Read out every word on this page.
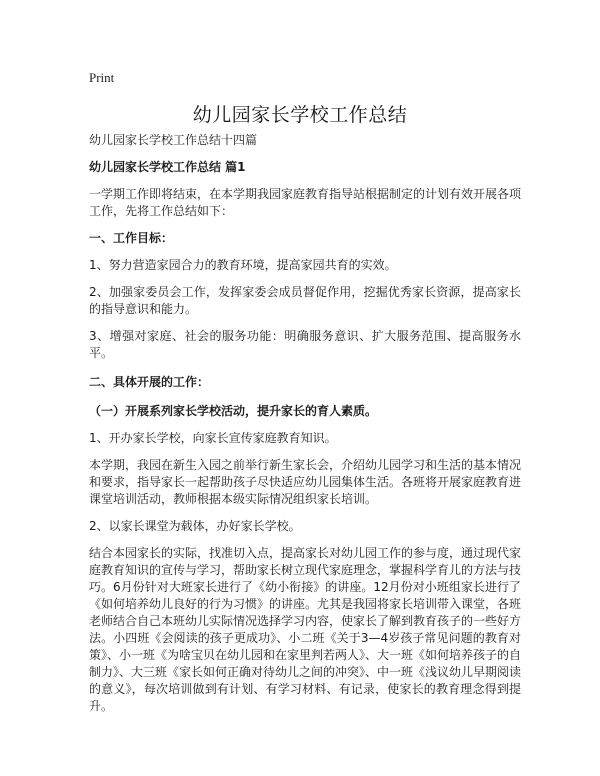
Print
幼儿园家长学校工作总结

幼儿园家长学校工作总结十四篇

幼儿园家长学校工作总结 篇1

一学期工作即将结束，在本学期我园家庭教育指导站根据制定的计划有效开展各项工作，先将工作总结如下：

一、工作目标：

1、努力营造家园合力的教育环境，提高家园共育的实效。

2、加强家委员会工作，发挥家委会成员督促作用，挖掘优秀家长资源，提高家长的指导意识和能力。

3、增强对家庭、社会的服务功能：明确服务意识、扩大服务范围、提高服务水平。

二、具体开展的工作：

（一）开展系列家长学校活动，提升家长的育人素质。

1、开办家长学校，向家长宣传家庭教育知识。

本学期，我园在新生入园之前举行新生家长会，介绍幼儿园学习和生活的基本情况和要求，指导家长一起帮助孩子尽快适应幼儿园集体生活。各班将开展家庭教育进课堂培训活动，教师根据本级实际情况组织家长培训。

2、以家长课堂为载体，办好家长学校。

结合本园家长的实际，找准切入点，提高家长对幼儿园工作的参与度，通过现代家庭教育知识的宣传与学习，帮助家长树立现代家庭理念，掌握科学育儿的方法与技巧。6月份针对大班家长进行了《幼小衔接》的讲座。12月份对小班组家长进行了《如何培养幼儿良好的行为习惯》的讲座。尤其是我园将家长培训带入课堂，各班老师结合自己本班幼儿实际情况选择学习内容，使家长了解到教育孩子的一些好方法。小四班《会阅读的孩子更成功》、小二班《关于3—4岁孩子常见问题的教育对策》、小一班《为啥宝贝在幼儿园和在家里判若两人》、大一班《如何培养孩子的自制力》、大三班《家长如何正确对待幼儿之间的冲突》、中一班《浅议幼儿早期阅读的意义》，每次培训做到有计划、有学习材料、有记录，使家长的教育理念得到提升。
